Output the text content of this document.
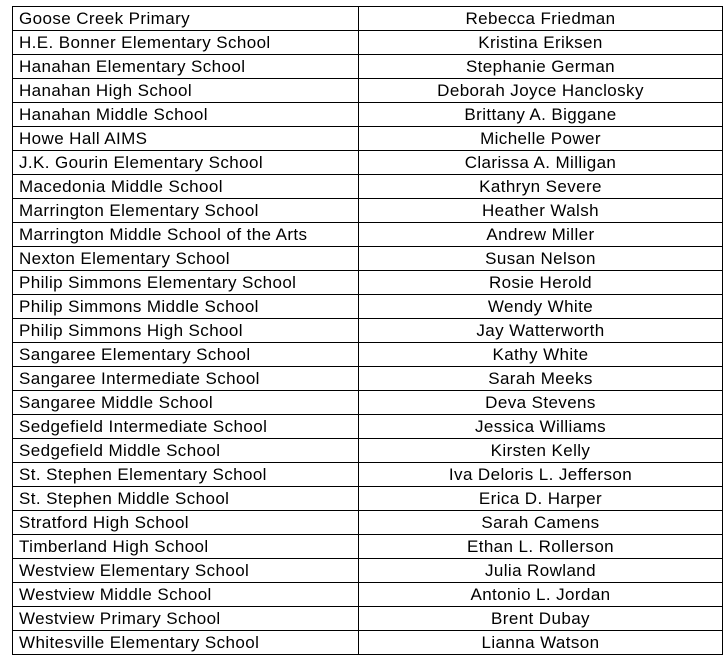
Goose Creek Primary	Rebecca Friedman
H.E. Bonner Elementary School	Kristina Eriksen
Hanahan Elementary School	Stephanie German
Hanahan High School	Deborah Joyce Hanclosky
Hanahan Middle School	Brittany A. Biggane
Howe Hall AIMS	Michelle Power
J.K. Gourin Elementary School	Clarissa A. Milligan
Macedonia Middle School	Kathryn Severe
Marrington Elementary School	Heather Walsh
Marrington Middle School of the Arts	Andrew Miller
Nexton Elementary School	Susan Nelson
Philip Simmons Elementary School	Rosie Herold
Philip Simmons Middle School	Wendy White
Philip Simmons High School	Jay Watterworth
Sangaree Elementary School	Kathy White
Sangaree Intermediate School	Sarah Meeks
Sangaree Middle School	Deva Stevens
Sedgefield Intermediate School	Jessica Williams
Sedgefield Middle School	Kirsten Kelly
St. Stephen Elementary School	Iva Deloris L. Jefferson
St. Stephen Middle School	Erica D. Harper
Stratford High School	Sarah Camens
Timberland High School	Ethan L. Rollerson
Westview Elementary School	Julia Rowland
Westview Middle School	Antonio L. Jordan
Westview Primary School	Brent Dubay
Whitesville Elementary School	Lianna Watson
